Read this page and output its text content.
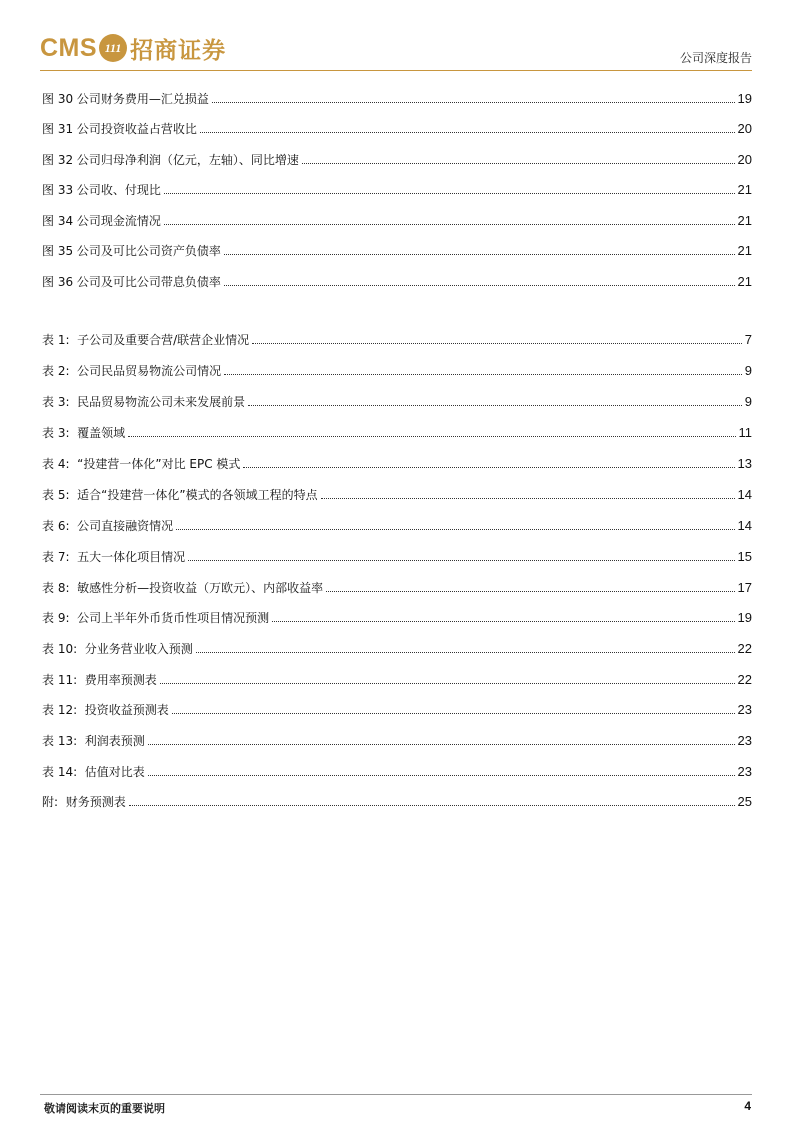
CMS 111 招商证券	公司深度报告
图 30 公司财务费用—汇兑损益	19
图 31 公司投资收益占营收比	20
图 32 公司归母净利润（亿元，左轴）、同比增速	20
图 33 公司收、付现比	21
图 34 公司现金流情况	21
图 35 公司及可比公司资产负债率	21
图 36 公司及可比公司带息负债率	21
表 1: 子公司及重要合营/联营企业情况	7
表 2: 公司民品贸易物流公司情况	9
表 3: 民品贸易物流公司未来发展前景	9
表 3: 覆盖领域	11
表 4: “投建营一体化”对比 EPC 模式	13
表 5: 适合“投建营一体化”模式的各领域工程的特点	14
表 6: 公司直接融资情况	14
表 7: 五大一体化项目情况	15
表 8: 敏感性分析—投资收益（万欧元）、内部收益率	17
表 9: 公司上半年外币货币性项目情况预测	19
表 10: 分业务营业收入预测	22
表 11: 费用率预测表	22
表 12: 投资收益预测表	23
表 13: 利润表预测	23
表 14: 估值对比表	23
附: 财务预测表	25
敬请阅读末页的重要说明	4
